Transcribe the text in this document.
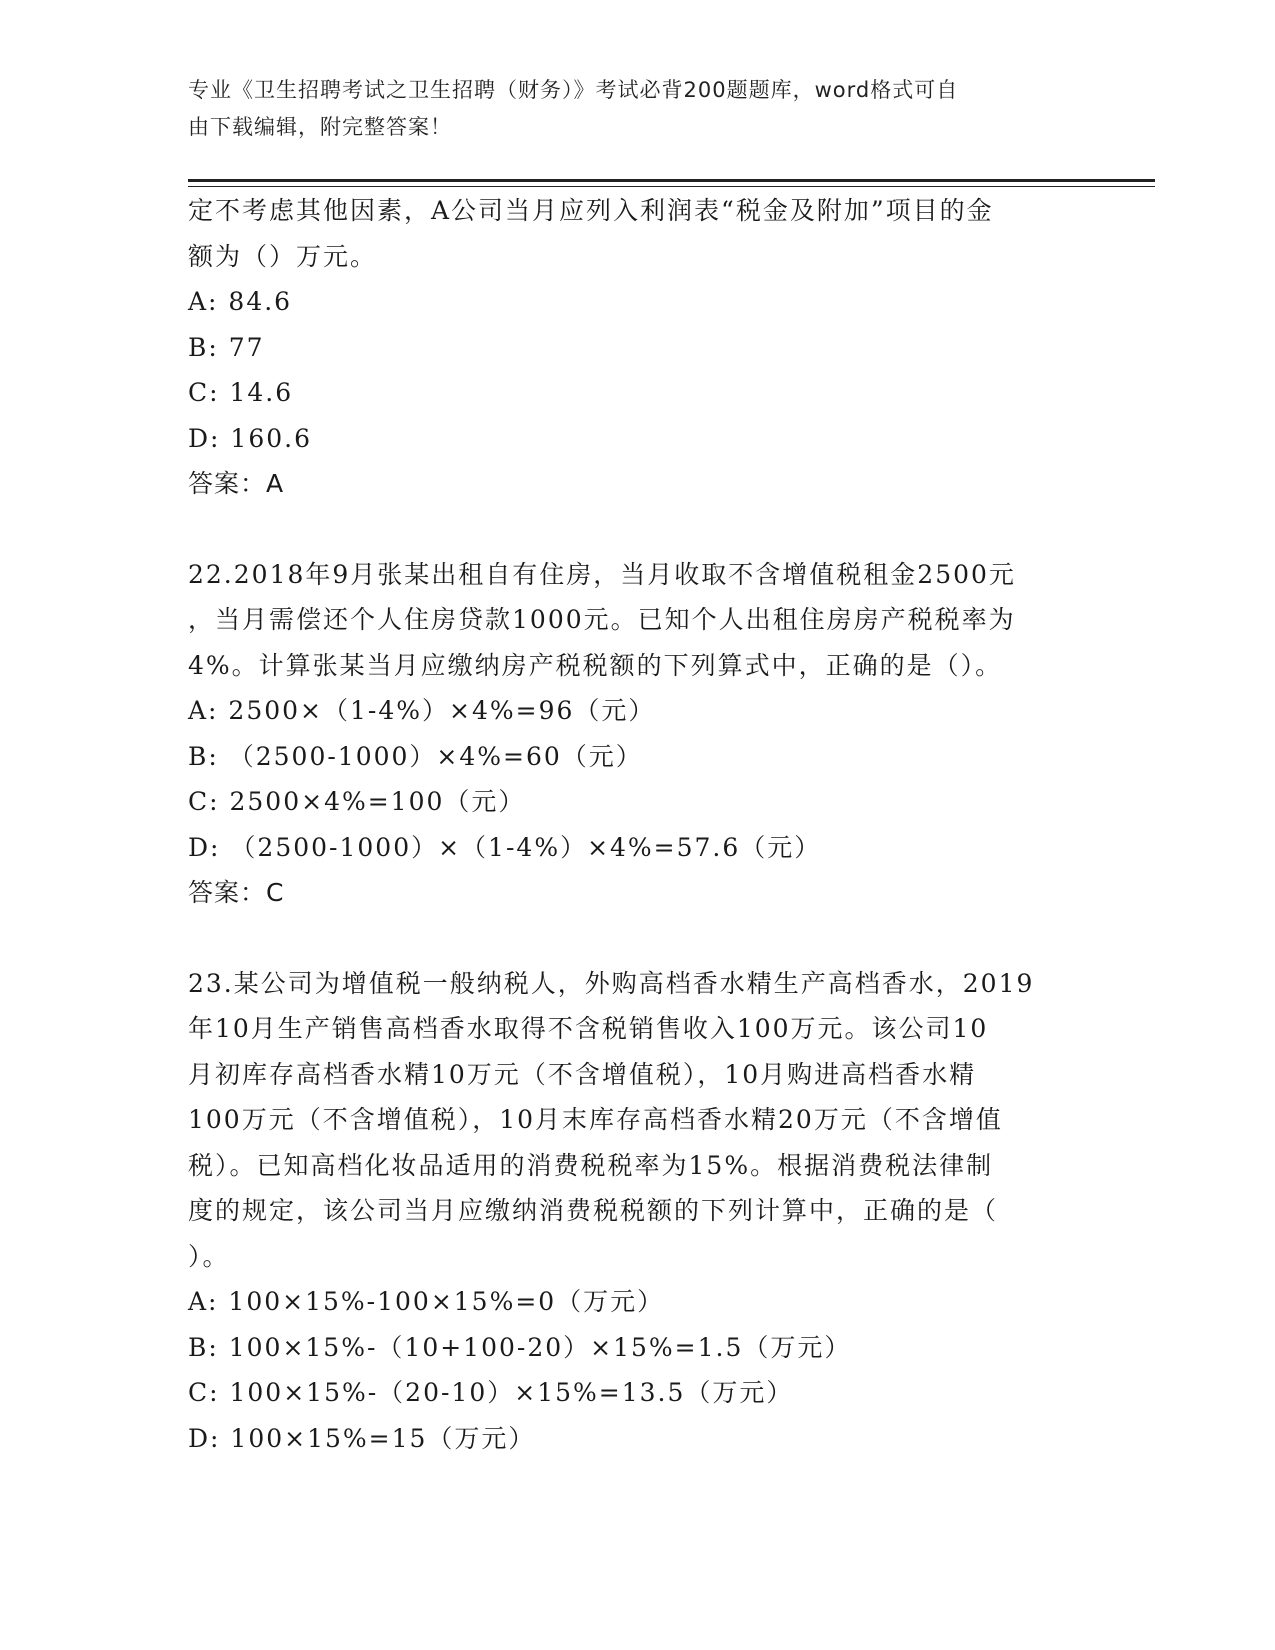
专业《卫生招聘考试之卫生招聘（财务）》考试必背200题题库，word格式可自
由下载编辑，附完整答案！
定不考虑其他因素，A公司当月应列入利润表“税金及附加”项目的金
额为（）万元。
A: 84.6
B: 77
C: 14.6
D: 160.6
答案：A
22.2018年9月张某出租自有住房，当月收取不含增值税租金2500元
，当月需偿还个人住房贷款1000元。已知个人出租住房房产税税率为
4%。计算张某当月应缴纳房产税税额的下列算式中，正确的是（）。
A: 2500×（1-4%）×4%=96（元）
B: （2500-1000）×4%=60（元）
C: 2500×4%=100（元）
D: （2500-1000）×（1-4%）×4%=57.6（元）
答案：C
23.某公司为增值税一般纳税人，外购高档香水精生产高档香水，2019
年10月生产销售高档香水取得不含税销售收入100万元。该公司10
月初库存高档香水精10万元（不含增值税），10月购进高档香水精
100万元（不含增值税），10月末库存高档香水精20万元（不含增值
税）。已知高档化妆品适用的消费税税率为15%。根据消费税法律制
度的规定，该公司当月应缴纳消费税税额的下列计算中，正确的是（
）。
A: 100×15%-100×15%=0（万元）
B: 100×15%-（10+100-20）×15%=1.5（万元）
C: 100×15%-（20-10）×15%=13.5（万元）
D: 100×15%=15（万元）
